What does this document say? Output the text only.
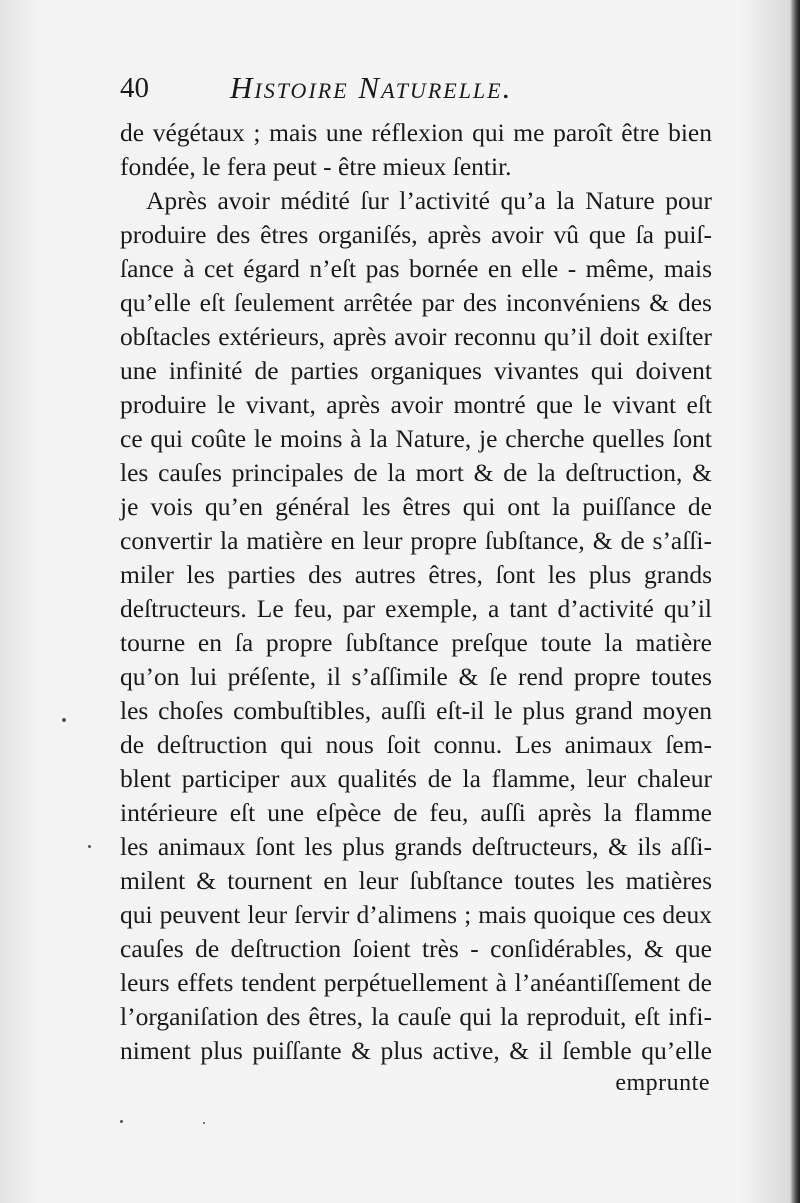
40	Histoire Naturelle.
de végétaux ; mais une réflexion qui me paroît être bien
fondée, le fera peut - être mieux ſentir.
Après avoir médité ſur l’activité qu’a la Nature pour
produire des êtres organiſés, après avoir vû que ſa puiſ-
ſance à cet égard n’eſt pas bornée en elle - même, mais
qu’elle eſt ſeulement arrêtée par des inconvéniens & des
obſtacles extérieurs, après avoir reconnu qu’il doit exiſter
une infinité de parties organiques vivantes qui doivent
produire le vivant, après avoir montré que le vivant eſt
ce qui coûte le moins à la Nature, je cherche quelles ſont
les cauſes principales de la mort & de la deſtruction, &
je vois qu’en général les êtres qui ont la puiſſance de
convertir la matière en leur propre ſubſtance, & de s’aſſi-
miler les parties des autres êtres, ſont les plus grands
deſtructeurs. Le feu, par exemple, a tant d’activité qu’il
tourne en ſa propre ſubſtance preſque toute la matière
qu’on lui préſente, il s’aſſimile & ſe rend propre toutes
les choſes combuſtibles, auſſi eſt-il le plus grand moyen
de deſtruction qui nous ſoit connu. Les animaux ſem-
blent participer aux qualités de la flamme, leur chaleur
intérieure eſt une eſpèce de feu, auſſi après la flamme
les animaux ſont les plus grands deſtructeurs, & ils aſſi-
milent & tournent en leur ſubſtance toutes les matières
qui peuvent leur ſervir d’alimens ; mais quoique ces deux
cauſes de deſtruction ſoient très - conſidérables, & que
leurs effets tendent perpétuellement à l’anéantiſſement de
l’organiſation des êtres, la cauſe qui la reproduit, eſt infi-
niment plus puiſſante & plus active, & il ſemble qu’elle
emprunte
